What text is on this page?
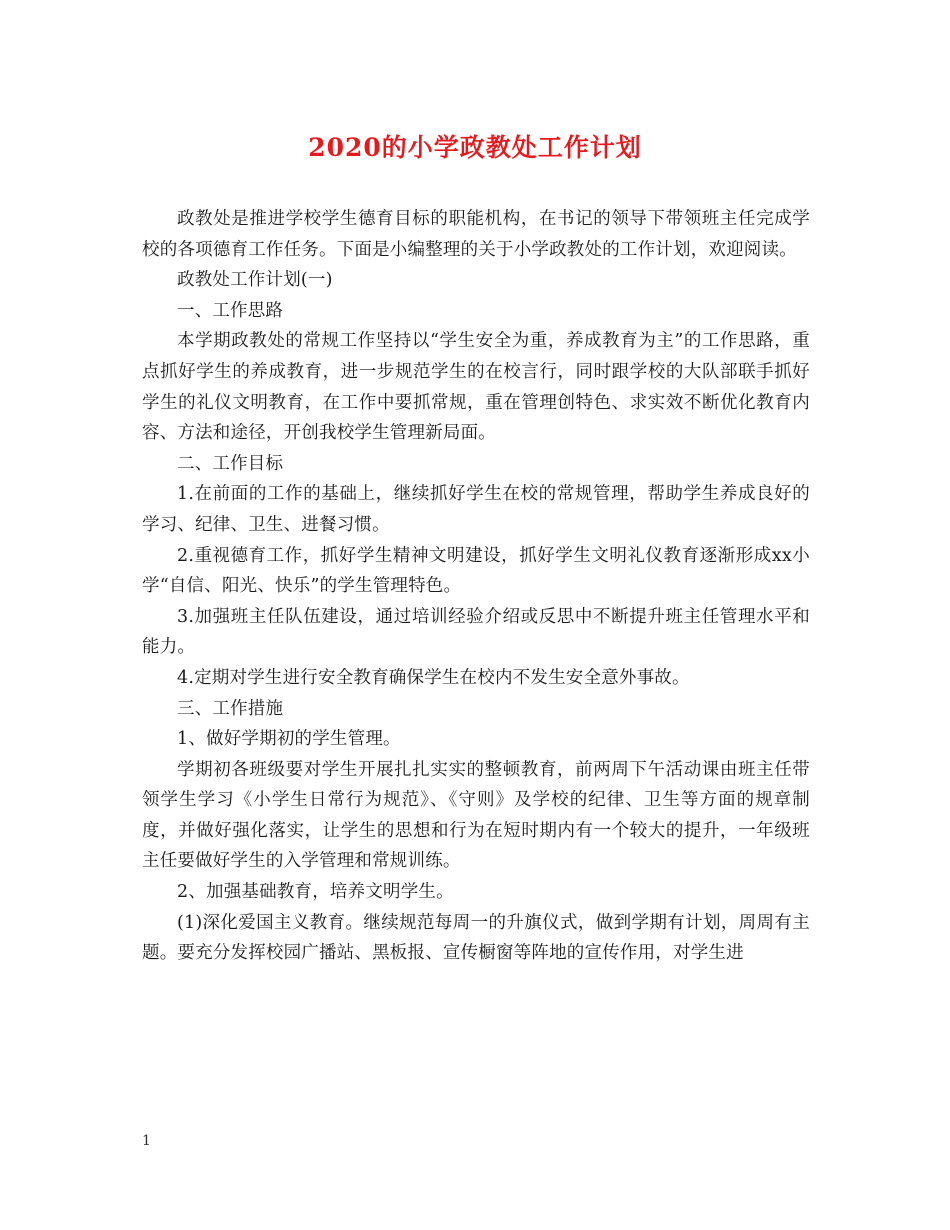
2020的小学政教处工作计划

政教处是推进学校学生德育目标的职能机构，在书记的领导下带领班主任完成学校的各项德育工作任务。下面是小编整理的关于小学政教处的工作计划，欢迎阅读。

政教处工作计划(一)

一、工作思路

本学期政教处的常规工作坚持以“学生安全为重，养成教育为主”的工作思路，重点抓好学生的养成教育，进一步规范学生的在校言行，同时跟学校的大队部联手抓好学生的礼仪文明教育，在工作中要抓常规，重在管理创特色、求实效不断优化教育内容、方法和途径，开创我校学生管理新局面。

二、工作目标

1.在前面的工作的基础上，继续抓好学生在校的常规管理，帮助学生养成良好的学习、纪律、卫生、进餐习惯。

2.重视德育工作，抓好学生精神文明建设，抓好学生文明礼仪教育逐渐形成xx小学“自信、阳光、快乐”的学生管理特色。

3.加强班主任队伍建设，通过培训经验介绍或反思中不断提升班主任管理水平和能力。

4.定期对学生进行安全教育确保学生在校内不发生安全意外事故。

三、工作措施

1、做好学期初的学生管理。

学期初各班级要对学生开展扎扎实实的整顿教育，前两周下午活动课由班主任带领学生学习《小学生日常行为规范》、《守则》及学校的纪律、卫生等方面的规章制度，并做好强化落实，让学生的思想和行为在短时期内有一个较大的提升，一年级班主任要做好学生的入学管理和常规训练。

2、加强基础教育，培养文明学生。

(1)深化爱国主义教育。继续规范每周一的升旗仪式，做到学期有计划，周周有主题。要充分发挥校园广播站、黑板报、宣传橱窗等阵地的宣传作用，对学生进

1
